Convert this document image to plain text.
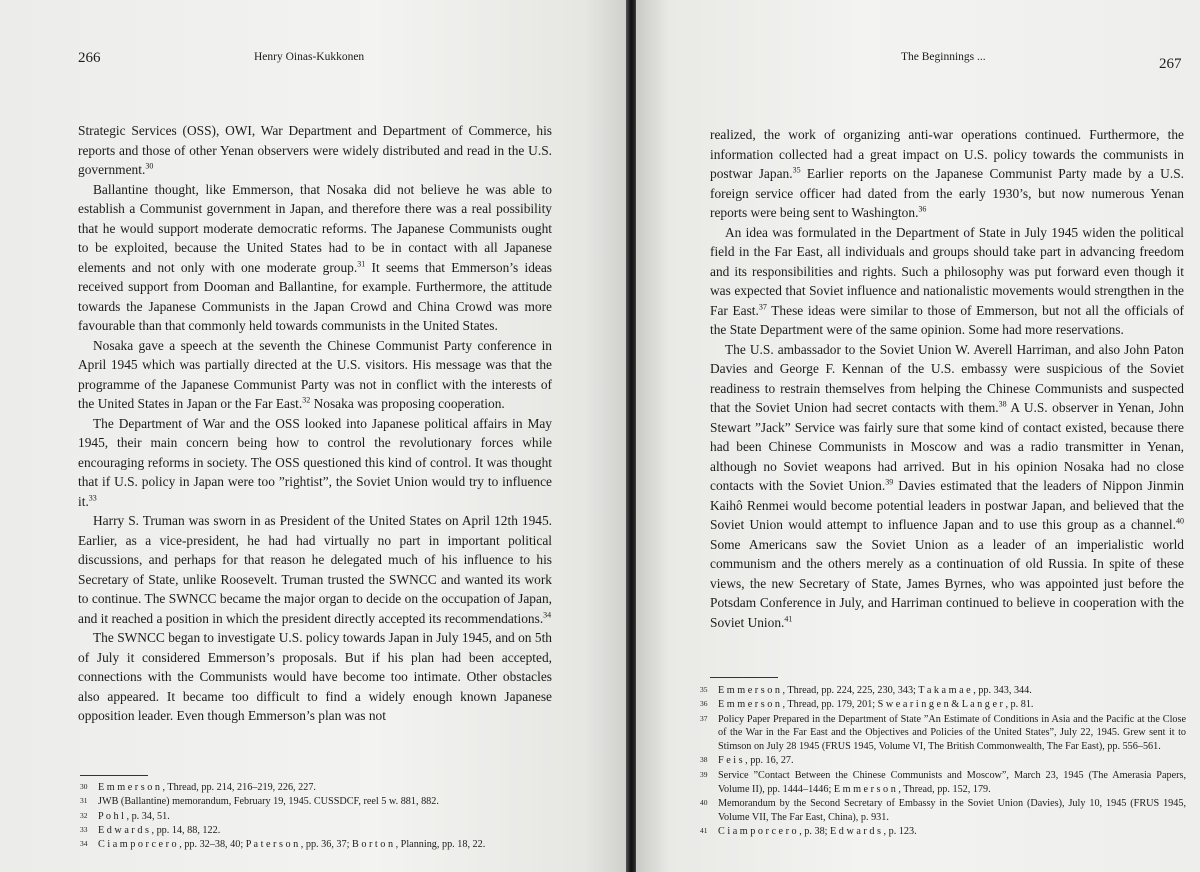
266	Henry Oinas-Kukkonen

Strategic Services (OSS), OWI, War Department and Department of Commerce, his reports and those of other Yenan observers were widely distributed and read in the U.S. government.$^{30}$

Ballantine thought, like Emmerson, that Nosaka did not believe he was able to establish a Communist government in Japan, and therefore there was a real possibility that he would support moderate democratic reforms. The Japanese Communists ought to be exploited, because the United States had to be in contact with all Japanese elements and not only with one moderate group.$^{31}$ It seems that Emmerson’s ideas received support from Dooman and Ballantine, for example. Furthermore, the attitude towards the Japanese Communists in the Japan Crowd and China Crowd was more favourable than that commonly held towards communists in the United States.

Nosaka gave a speech at the seventh the Chinese Communist Party conference in April 1945 which was partially directed at the U.S. visitors. His message was that the programme of the Japanese Communist Party was not in conflict with the interests of the United States in Japan or the Far East.$^{32}$ Nosaka was proposing cooperation.

The Department of War and the OSS looked into Japanese political affairs in May 1945, their main concern being how to control the revolutionary forces while encouraging reforms in society. The OSS questioned this kind of control. It was thought that if U.S. policy in Japan were too ”rightist”, the Soviet Union would try to influence it.$^{33}$

Harry S. Truman was sworn in as President of the United States on April 12th 1945. Earlier, as a vice-president, he had had virtually no part in important political discussions, and perhaps for that reason he delegated much of his influence to his Secretary of State, unlike Roosevelt. Truman trusted the SWNCC and wanted its work to continue. The SWNCC became the major organ to decide on the occupation of Japan, and it reached a position in which the president directly accepted its recommendations.$^{34}$

The SWNCC began to investigate U.S. policy towards Japan in July 1945, and on 5th of July it considered Emmerson’s proposals. But if his plan had been accepted, connections with the Communists would have become too intimate. Other obstacles also appeared. It became too difficult to find a widely enough known Japanese opposition leader. Even though Emmerson’s plan was not

30	E m m e r s o n , Thread, pp. 214, 216–219, 226, 227.
31	JWB (Ballantine) memorandum, February 19, 1945. CUSSDCF, reel 5 w. 881, 882.
32	P o h l , p. 34, 51.
33	E d w a r d s , pp. 14, 88, 122.
34	C i a m p o r c e r o , pp. 32–38, 40; P a t e r s o n , pp. 36, 37; B o r t o n , Planning, pp. 18, 22.
The Beginnings ...	267

realized, the work of organizing anti-war operations continued. Furthermore, the information collected had a great impact on U.S. policy towards the communists in postwar Japan.$^{35}$ Earlier reports on the Japanese Communist Party made by a U.S. foreign service officer had dated from the early 1930’s, but now numerous Yenan reports were being sent to Washington.$^{36}$

An idea was formulated in the Department of State in July 1945 widen the political field in the Far East, all individuals and groups should take part in advancing freedom and its responsibilities and rights. Such a philosophy was put forward even though it was expected that Soviet influence and nationalistic movements would strengthen in the Far East.$^{37}$ These ideas were similar to those of Emmerson, but not all the officials of the State Department were of the same opinion. Some had more reservations.

The U.S. ambassador to the Soviet Union W. Averell Harriman, and also John Paton Davies and George F. Kennan of the U.S. embassy were suspicious of the Soviet readiness to restrain themselves from helping the Chinese Communists and suspected that the Soviet Union had secret contacts with them.$^{38}$ A U.S. observer in Yenan, John Stewart ”Jack” Service was fairly sure that some kind of contact existed, because there had been Chinese Communists in Moscow and was a radio transmitter in Yenan, although no Soviet weapons had arrived. But in his opinion Nosaka had no close contacts with the Soviet Union.$^{39}$ Davies estimated that the leaders of Nippon Jinmin Kaihô Renmei would become potential leaders in postwar Japan, and believed that the Soviet Union would attempt to influence Japan and to use this group as a channel.$^{40}$ Some Americans saw the Soviet Union as a leader of an imperialistic world communism and the others merely as a continuation of old Russia. In spite of these views, the new Secretary of State, James Byrnes, who was appointed just before the Potsdam Conference in July, and Harriman continued to believe in cooperation with the Soviet Union.$^{41}$

35	E m m e r s o n , Thread, pp. 224, 225, 230, 343; T a k a m a e , pp. 343, 344.
36	E m m e r s o n , Thread, pp. 179, 201; S w e a r i n g e n & L a n g e r , p. 81.
37	Policy Paper Prepared in the Department of State ”An Estimate of Conditions in Asia and the Pacific at the Close of the War in the Far East and the Objectives and Policies of the United States”, July 22, 1945. Grew sent it to Stimson on July 28 1945 (FRUS 1945, Volume VI, The British Commonwealth, The Far East), pp. 556–561.
38	F e i s , pp. 16, 27.
39	Service ”Contact Between the Chinese Communists and Moscow”, March 23, 1945 (The Amerasia Papers, Volume II), pp. 1444–1446; E m m e r s o n , Thread, pp. 152, 179.
40	Memorandum by the Second Secretary of Embassy in the Soviet Union (Davies), July 10, 1945 (FRUS 1945, Volume VII, The Far East, China), p. 931.
41	C i a m p o r c e r o , p. 38; E d w a r d s , p. 123.
